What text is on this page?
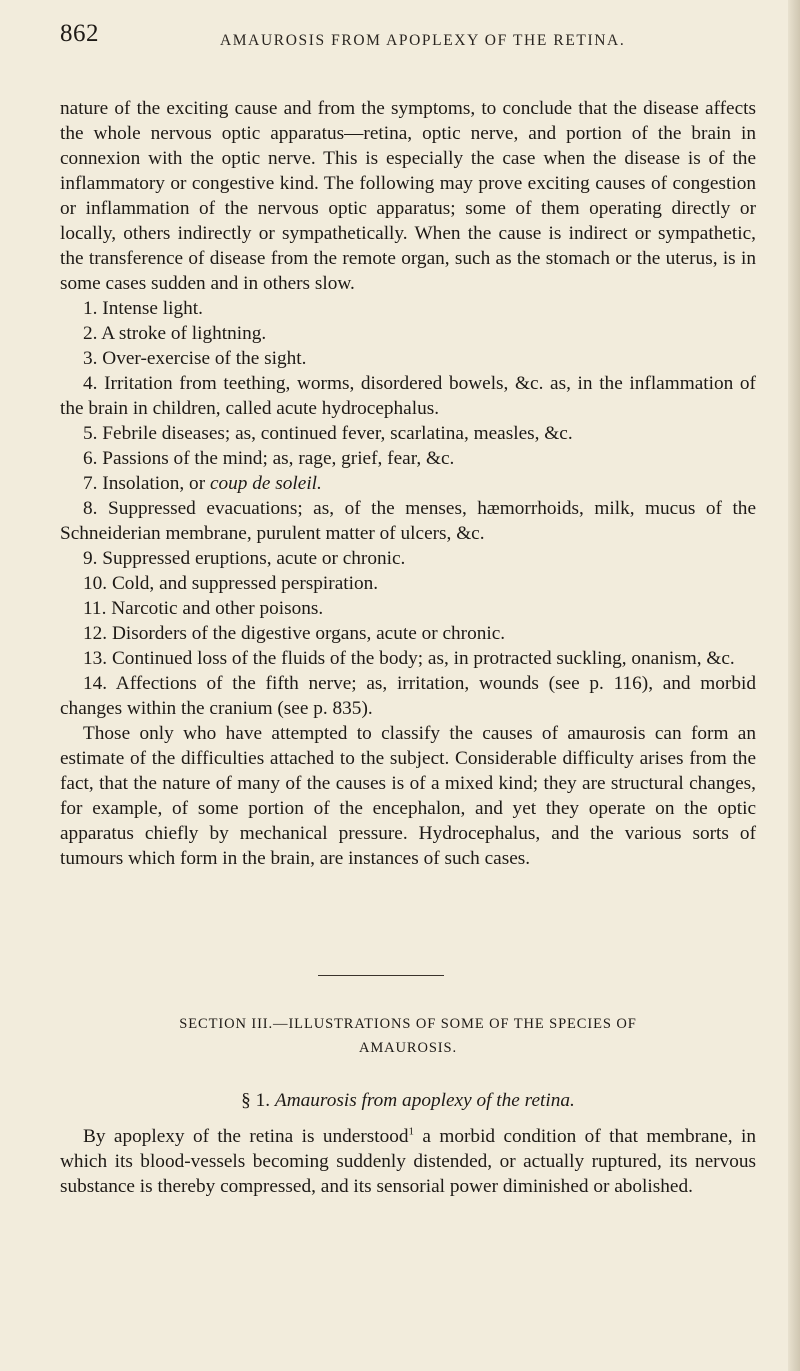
862	AMAUROSIS FROM APOPLEXY OF THE RETINA.

nature of the exciting cause and from the symptoms, to conclude that the disease affects the whole nervous optic apparatus—retina, optic nerve, and portion of the brain in connexion with the optic nerve. This is especially the case when the disease is of the inflammatory or congestive kind. The following may prove exciting causes of congestion or inflammation of the nervous optic apparatus; some of them operating directly or locally, others indirectly or sympathetically. When the cause is indirect or sympathetic, the transference of disease from the remote organ, such as the stomach or the uterus, is in some cases sudden and in others slow.

1. Intense light.
2. A stroke of lightning.
3. Over-exercise of the sight.
4. Irritation from teething, worms, disordered bowels, &c. as, in the inflammation of the brain in children, called acute hydrocephalus.
5. Febrile diseases; as, continued fever, scarlatina, measles, &c.
6. Passions of the mind; as, rage, grief, fear, &c.
7. Insolation, or coup de soleil.
8. Suppressed evacuations; as, of the menses, hæmorrhoids, milk, mucus of the Schneiderian membrane, purulent matter of ulcers, &c.
9. Suppressed eruptions, acute or chronic.
10. Cold, and suppressed perspiration.
11. Narcotic and other poisons.
12. Disorders of the digestive organs, acute or chronic.
13. Continued loss of the fluids of the body; as, in protracted suckling, onanism, &c.
14. Affections of the fifth nerve; as, irritation, wounds (see p. 116), and morbid changes within the cranium (see p. 835).

Those only who have attempted to classify the causes of amaurosis can form an estimate of the difficulties attached to the subject. Considerable difficulty arises from the fact, that the nature of many of the causes is of a mixed kind; they are structural changes, for example, of some portion of the encephalon, and yet they operate on the optic apparatus chiefly by mechanical pressure. Hydrocephalus, and the various sorts of tumours which form in the brain, are instances of such cases.

SECTION III.—ILLUSTRATIONS OF SOME OF THE SPECIES OF
AMAUROSIS.
§ 1. Amaurosis from apoplexy of the retina.

By apoplexy of the retina is understood$^1$ a morbid condition of that membrane, in which its blood-vessels becoming suddenly distended, or actually ruptured, its nervous substance is thereby compressed, and its sensorial power diminished or abolished.
